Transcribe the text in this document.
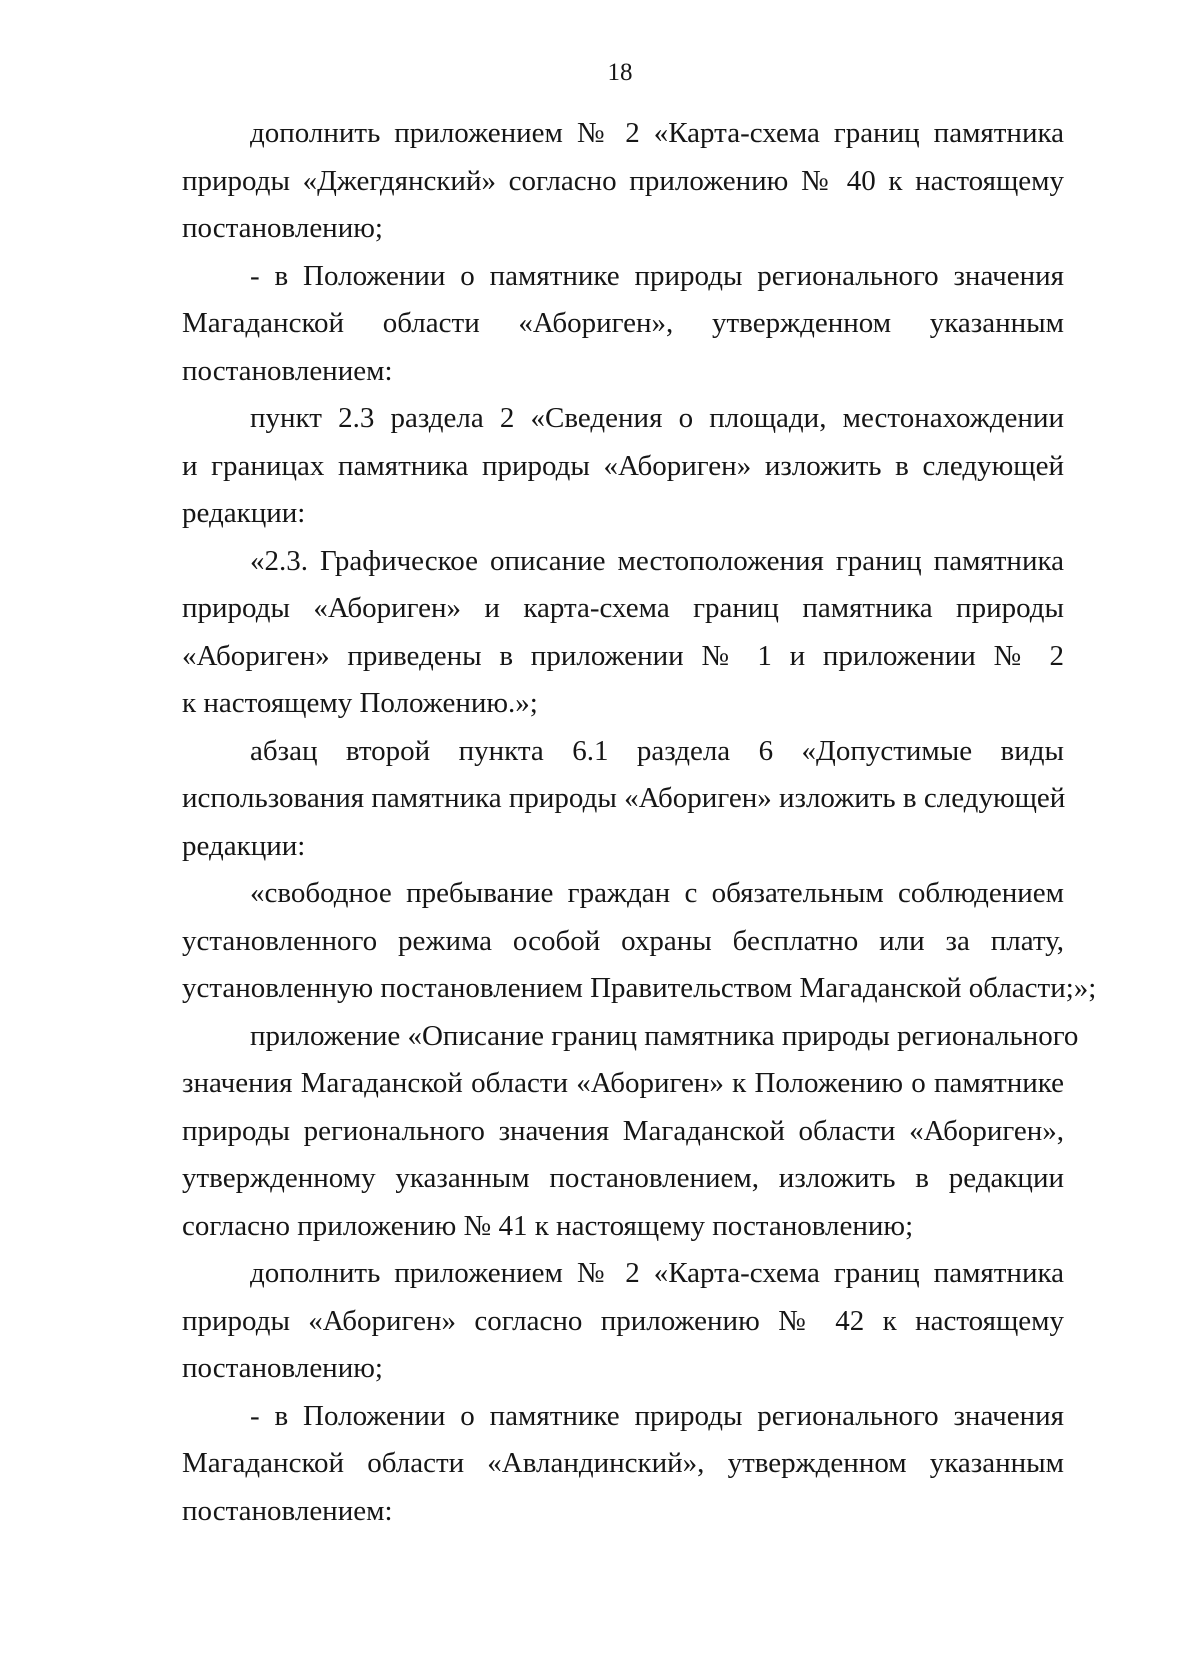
18
дополнить приложением № 2 «Карта-схема границ памятника
природы «Джегдянский» согласно приложению № 40 к настоящему
постановлению;
- в Положении о памятнике природы регионального значения
Магаданской области «Абориген», утвержденном указанным
постановлением:
пункт 2.3 раздела 2 «Сведения о площади, местонахождении
и границах памятника природы «Абориген» изложить в следующей
редакции:
«2.3. Графическое описание местоположения границ памятника
природы «Абориген» и карта-схема границ памятника природы
«Абориген» приведены в приложении № 1 и приложении № 2
к настоящему Положению.»;
абзац второй пункта 6.1 раздела 6 «Допустимые виды
использования памятника природы «Абориген» изложить в следующей
редакции:
«свободное пребывание граждан с обязательным соблюдением
установленного режима особой охраны бесплатно или за плату,
установленную постановлением Правительством Магаданской области;»;
приложение «Описание границ памятника природы регионального
значения Магаданской области «Абориген» к Положению о памятнике
природы регионального значения Магаданской области «Абориген»,
утвержденному указанным постановлением, изложить в редакции
согласно приложению № 41 к настоящему постановлению;
дополнить приложением № 2 «Карта-схема границ памятника
природы «Абориген» согласно приложению № 42 к настоящему
постановлению;
- в Положении о памятнике природы регионального значения
Магаданской области «Авландинский», утвержденном указанным
постановлением:
